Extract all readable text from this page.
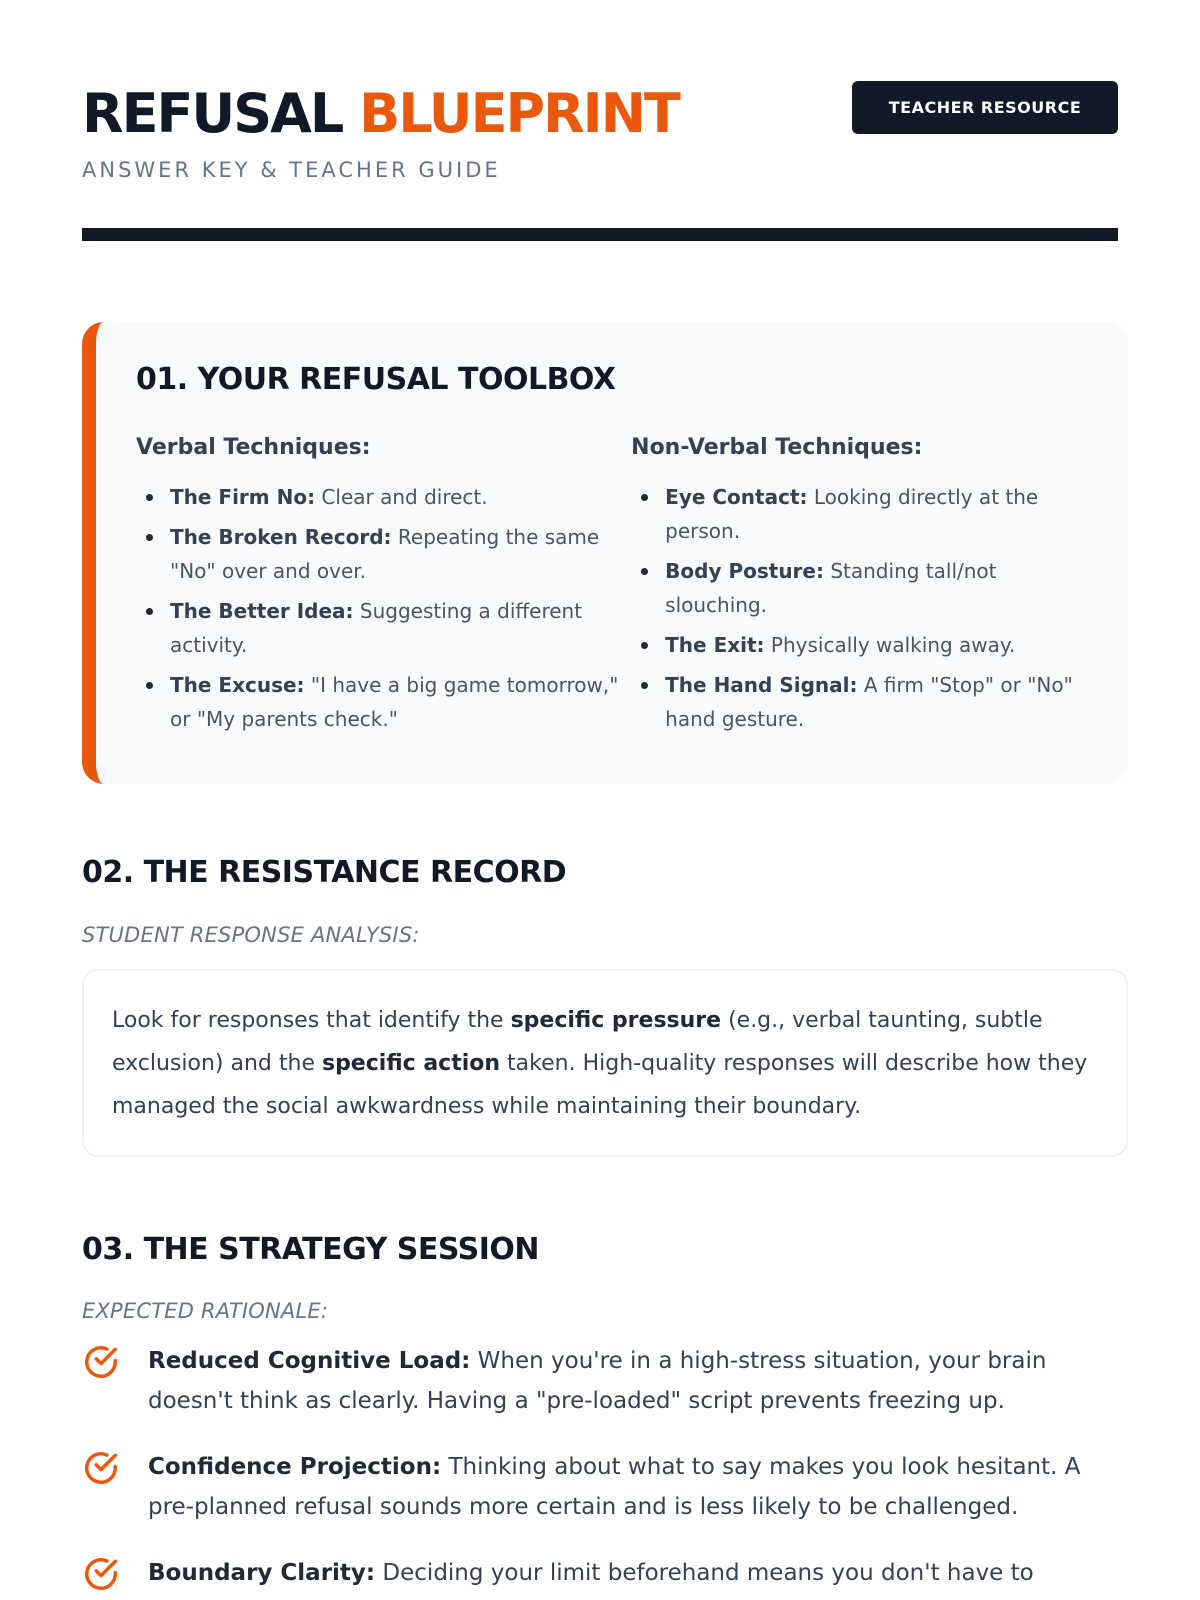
REFUSAL BLUEPRINT
ANSWER KEY & TEACHER GUIDE
TEACHER RESOURCE
01. YOUR REFUSAL TOOLBOX
Verbal Techniques:
The Firm No: Clear and direct.
The Broken Record: Repeating the same "No" over and over.
The Better Idea: Suggesting a different activity.
The Excuse: "I have a big game tomorrow," or "My parents check."
Non-Verbal Techniques:
Eye Contact: Looking directly at the person.
Body Posture: Standing tall/not slouching.
The Exit: Physically walking away.
The Hand Signal: A firm "Stop" or "No" hand gesture.
02. THE RESISTANCE RECORD
STUDENT RESPONSE ANALYSIS:
Look for responses that identify the specific pressure (e.g., verbal taunting, subtle exclusion) and the specific action taken. High-quality responses will describe how they managed the social awkwardness while maintaining their boundary.
03. THE STRATEGY SESSION
EXPECTED RATIONALE:
Reduced Cognitive Load: When you're in a high-stress situation, your brain doesn't think as clearly. Having a "pre-loaded" script prevents freezing up.
Confidence Projection: Thinking about what to say makes you look hesitant. A pre-planned refusal sounds more certain and is less likely to be challenged.
Boundary Clarity: Deciding your limit beforehand means you don't have to
